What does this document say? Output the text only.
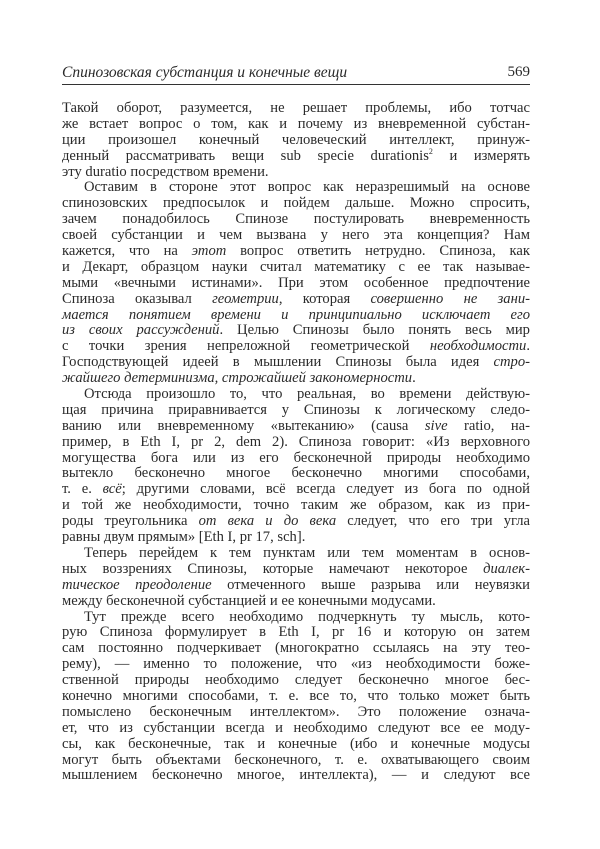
Спинозовская субстанция и конечные вещи	569
Такой оборот, разумеется, не решает проблемы, ибо тотчас
же встает вопрос о том, как и почему из вневременной субстан-
ции произошел конечный человеческий интеллект, принуж-
денный рассматривать вещи sub specie durationis$^2$ и измерять
эту duratio посредством времени.
Оставим в стороне этот вопрос как неразрешимый на основе
спинозовских предпосылок и пойдем дальше. Можно спросить,
зачем понадобилось Спинозе постулировать вневременность
своей субстанции и чем вызвана у него эта концепция? Нам
кажется, что на этот вопрос ответить нетрудно. Спиноза, как
и Декарт, образцом науки считал математику с ее так называе-
мыми «вечными истинами». При этом особенное предпочтение
Спиноза оказывал геометрии, которая совершенно не зани-
мается понятием времени и принципиально исключает его
из своих рассуждений. Целью Спинозы было понять весь мир
с точки зрения непреложной геометрической необходимости.
Господствующей идеей в мышлении Спинозы была идея стро-
жайшего детерминизма, строжайшей закономерности.
Отсюда произошло то, что реальная, во времени действую-
щая причина приравнивается у Спинозы к логическому следо-
ванию или вневременному «вытеканию» (causa sive ratio, на-
пример, в Eth I, pr 2, dem 2). Спиноза говорит: «Из верховного
могущества бога или из его бесконечной природы необходимо
вытекло бесконечно многое бесконечно многими способами,
т. е. всё; другими словами, всё всегда следует из бога по одной
и той же необходимости, точно таким же образом, как из при-
роды треугольника от века и до века следует, что его три угла
равны двум прямым» [Eth I, pr 17, sch].
Теперь перейдем к тем пунктам или тем моментам в основ-
ных воззрениях Спинозы, которые намечают некоторое диалек-
тическое преодоление отмеченного выше разрыва или неувязки
между бесконечной субстанцией и ее конечными модусами.
Тут прежде всего необходимо подчеркнуть ту мысль, кото-
рую Спиноза формулирует в Eth I, pr 16 и которую он затем
сам постоянно подчеркивает (многократно ссылаясь на эту тео-
рему), — именно то положение, что «из необходимости боже-
ственной природы необходимо следует бесконечно многое бес-
конечно многими способами, т. е. все то, что только может быть
помыслено бесконечным интеллектом». Это положение означа-
ет, что из субстанции всегда и необходимо следуют все ее моду-
сы, как бесконечные, так и конечные (ибо и конечные модусы
могут быть объектами бесконечного, т. е. охватывающего своим
мышлением бесконечно многое, интеллекта), — и следуют все
